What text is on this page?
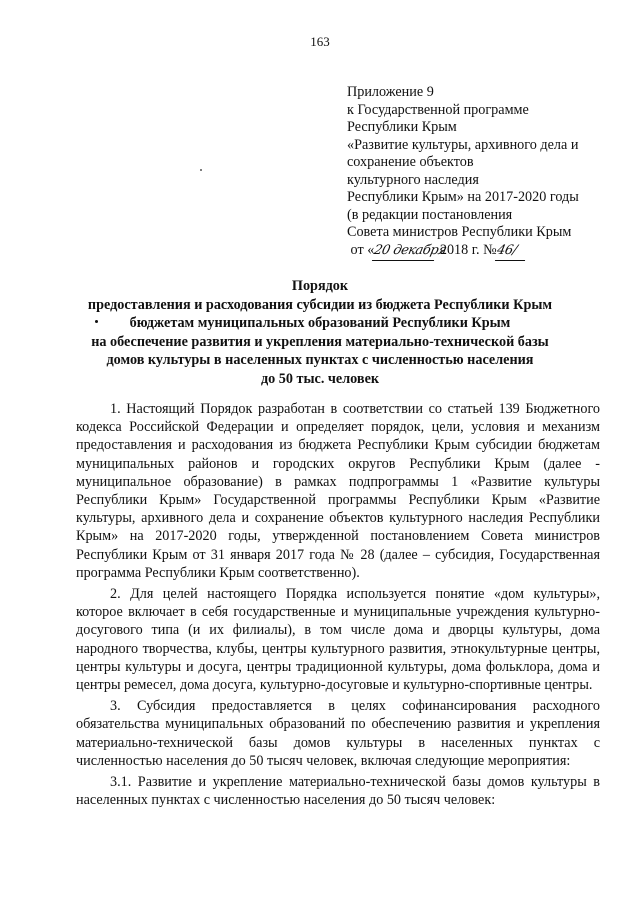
163
Приложение 9
к Государственной программе
Республики Крым
«Развитие культуры, архивного дела и
сохранение объектов
культурного наследия
Республики Крым» на 2017-2020 годы
(в редакции постановления
Совета министров Республики Крым
от «20 декабря 2018 г. №46/
Порядок
предоставления и расходования субсидии из бюджета Республики Крым
бюджетам муниципальных образований Республики Крым
на обеспечение развития и укрепления материально-технической базы
домов культуры в населенных пунктах с численностью населения
до 50 тыс. человек

1. Настоящий Порядок разработан в соответствии со статьей 139 Бюджетного кодекса Российской Федерации и определяет порядок, цели, условия и механизм предоставления и расходования из бюджета Республики Крым субсидии бюджетам муниципальных районов и городских округов Республики Крым (далее - муниципальное образование) в рамках подпрограммы 1 «Развитие культуры Республики Крым» Государственной программы Республики Крым «Развитие культуры, архивного дела и сохранение объектов культурного наследия Республики Крым» на 2017-2020 годы, утвержденной постановлением Совета министров Республики Крым от 31 января 2017 года № 28 (далее – субсидия, Государственная программа Республики Крым соответственно).

2. Для целей настоящего Порядка используется понятие «дом культуры», которое включает в себя государственные и муниципальные учреждения культурно-досугового типа (и их филиалы), в том числе дома и дворцы культуры, дома народного творчества, клубы, центры культурного развития, этнокультурные центры, центры культуры и досуга, центры традиционной культуры, дома фольклора, дома и центры ремесел, дома досуга, культурно-досуговые и культурно-спортивные центры.

3. Субсидия предоставляется в целях софинансирования расходного обязательства муниципальных образований по обеспечению развития и укрепления материально-технической базы домов культуры в населенных пунктах с численностью населения до 50 тысяч человек, включая следующие мероприятия:

3.1. Развитие и укрепление материально-технической базы домов культуры в населенных пунктах с численностью населения до 50 тысяч человек:
